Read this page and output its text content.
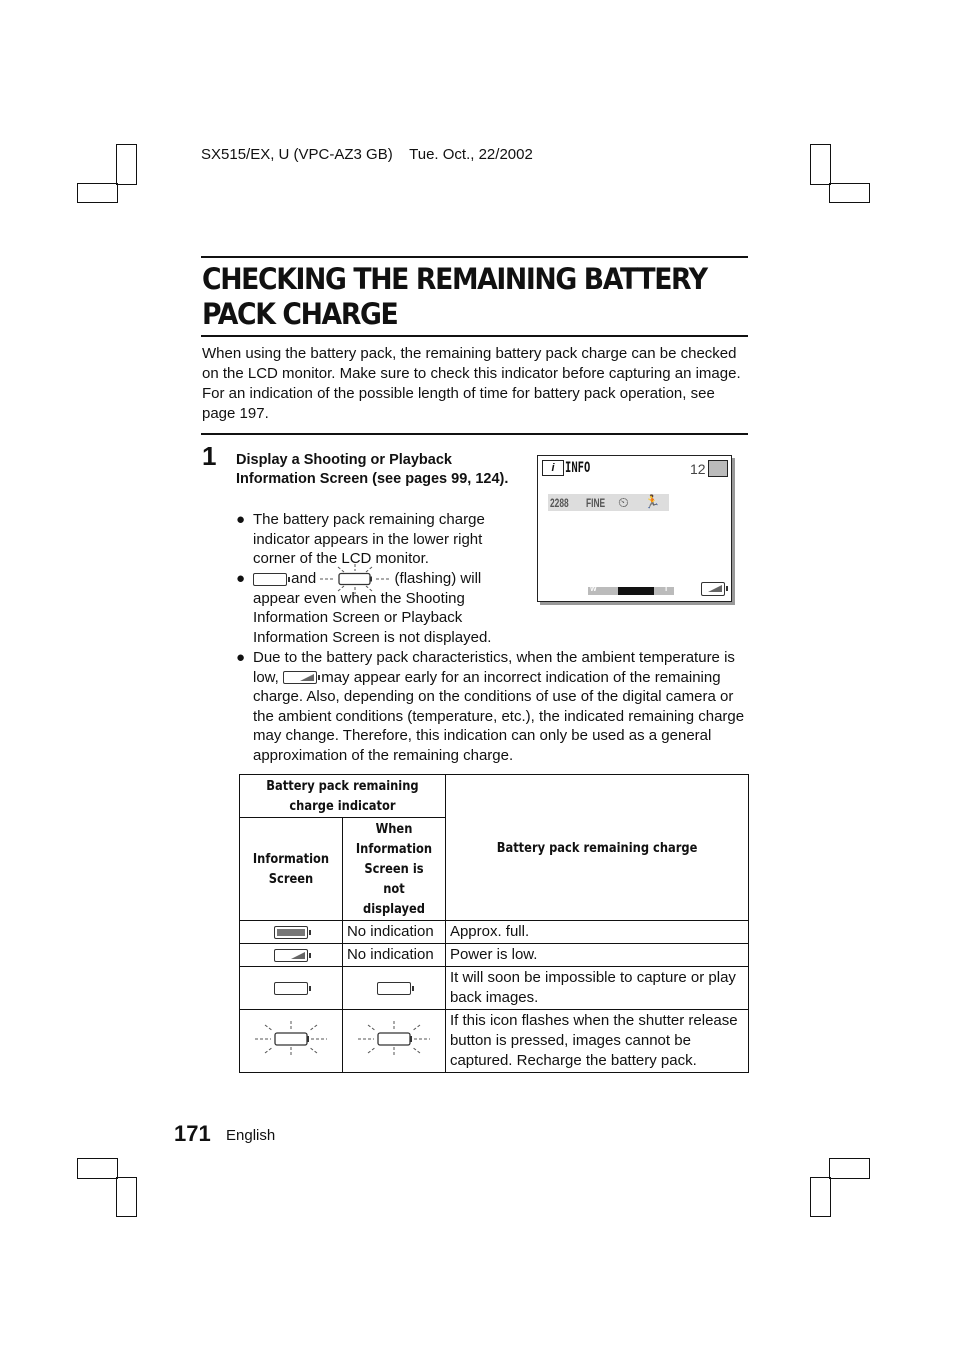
SX515/EX, U (VPC-AZ3 GB)    Tue. Oct., 22/2002
CHECKING THE REMAINING BATTERY PACK CHARGE
When using the battery pack, the remaining battery pack charge can be checked on the LCD monitor. Make sure to check this indicator before capturing an image. For an indication of the possible length of time for battery pack operation, see page 197.
1 Display a Shooting or Playback Information Screen (see pages 99, 124).
● The battery pack remaining charge indicator appears in the lower right corner of the LCD monitor.
●	and	(flashing) will appear even when the Shooting Information Screen or Playback Information Screen is not displayed.
● Due to the battery pack characteristics, when the ambient temperature is low,	may appear early for an incorrect indication of the remaining charge. Also, depending on the conditions of use of the digital camera or the ambient conditions (temperature, etc.), the indicated remaining charge may change. Therefore, this indication can only be used as a general approximation of the remaining charge.
i INFO	12
2288 FINE ⏲ 🏃
W	T
Battery pack remaining charge indicator		Battery pack remaining charge
Information Screen	When Information Screen is not displayed	
	No indication	Approx. full.
	No indication	Power is low.
		It will soon be impossible to capture or play back images.
		If this icon flashes when the shutter release button is pressed, images cannot be captured. Recharge the battery pack.
171 English
